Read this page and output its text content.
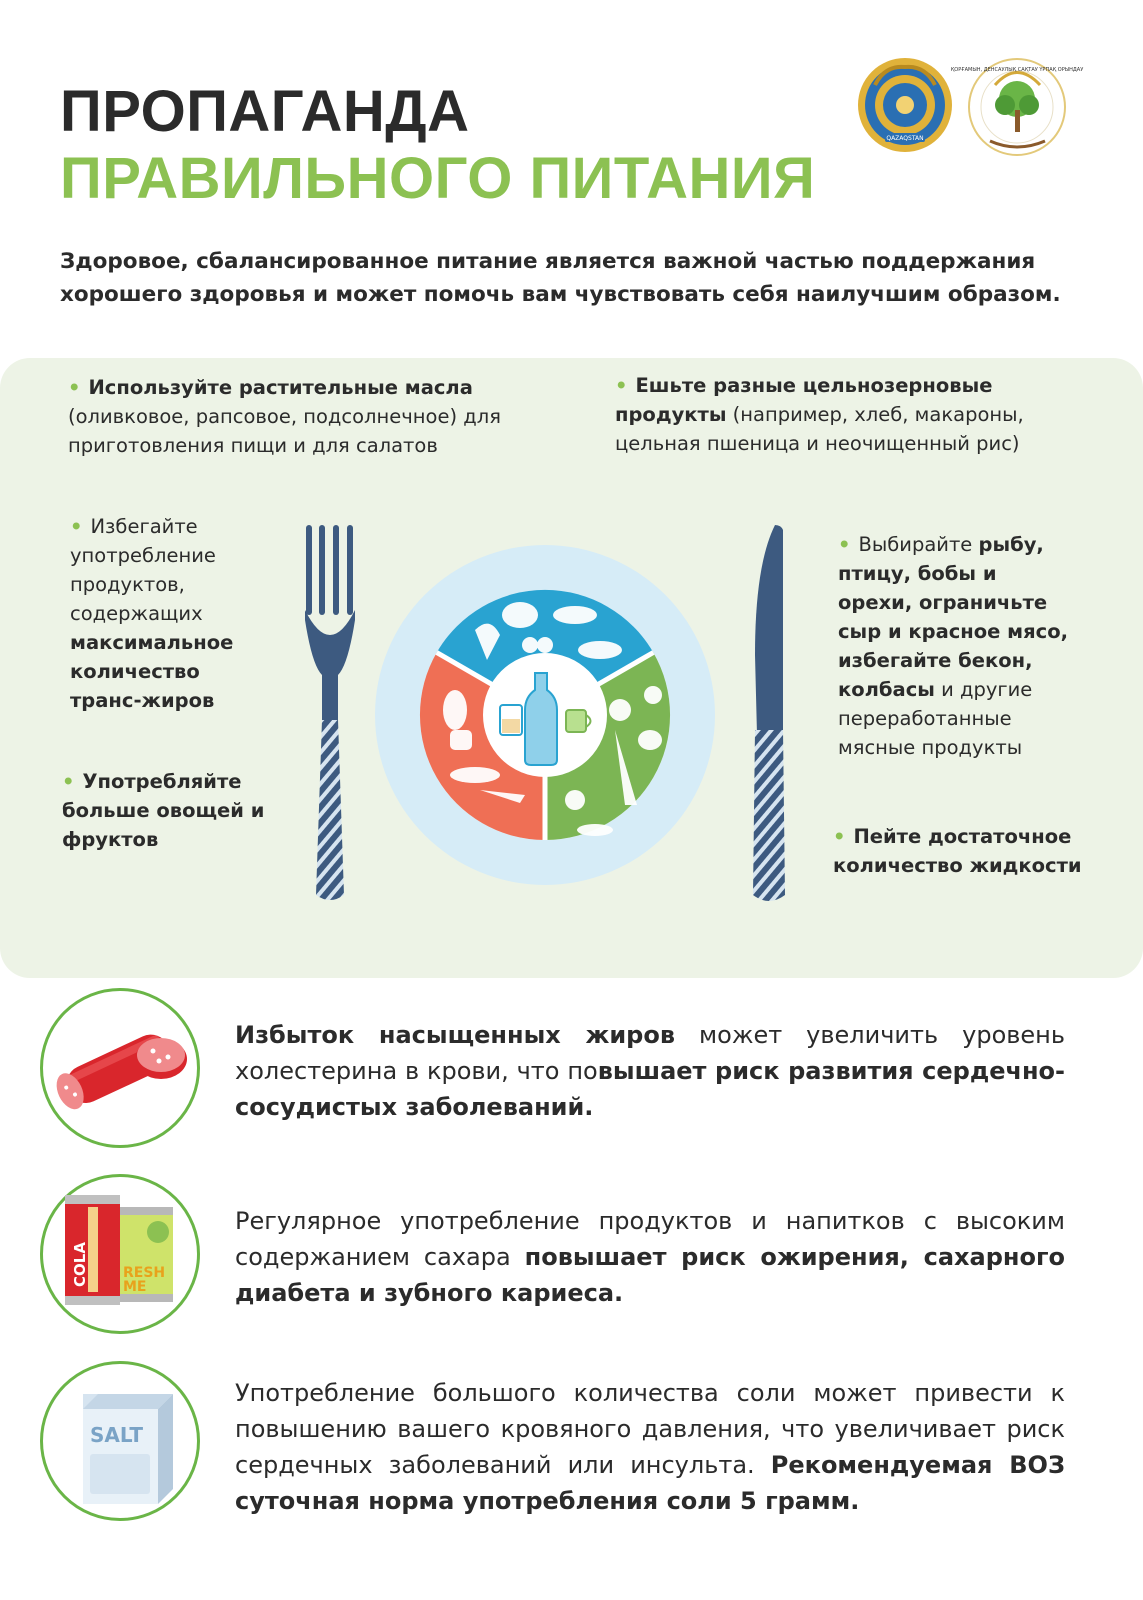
ПРОПАГАНДА
ПРАВИЛЬНОГО ПИТАНИЯ
QAZAQSTAN
ҚОРҒАМЫН, ДЕНСАУЛЫҚ САҚТАУ ҮРПАҚ ОРЫНДАУ

Здоровое, сбалансированное питание является важной частью поддержания хорошего здоровья и может помочь вам чувствовать себя наилучшим образом.

• Используйте растительные масла (оливковое, рапсовое, подсолнечное) для приготовления пищи и для салатов
• Ешьте разные цельнозерновые продукты (например, хлеб, макароны, цельная пшеница и неочищенный рис)
• Избегайте употребление продуктов, содержащих максимальное количество транс-жиров
• Употребляйте больше овощей и фруктов
• Выбирайте рыбу, птицу, бобы и орехи, ограничьте сыр и красное мясо, избегайте бекон, колбасы и другие переработанные мясные продукты
• Пейте достаточное количество жидкости

Избыток насыщенных жиров может увеличить уровень холестерина в крови, что повышает риск развития сердечно-сосудистых заболеваний.

RESH
ME
COLA

Регулярное употребление продуктов и напитков с высоким содержанием сахара повышает риск ожирения, сахарного диабета и зубного кариеса.

SALT

Употребление большого количества соли может привести к повышению вашего кровяного давления, что увеличивает риск сердечных заболеваний или инсульта. Рекомендуемая ВОЗ суточная норма употребления соли 5 грамм.
